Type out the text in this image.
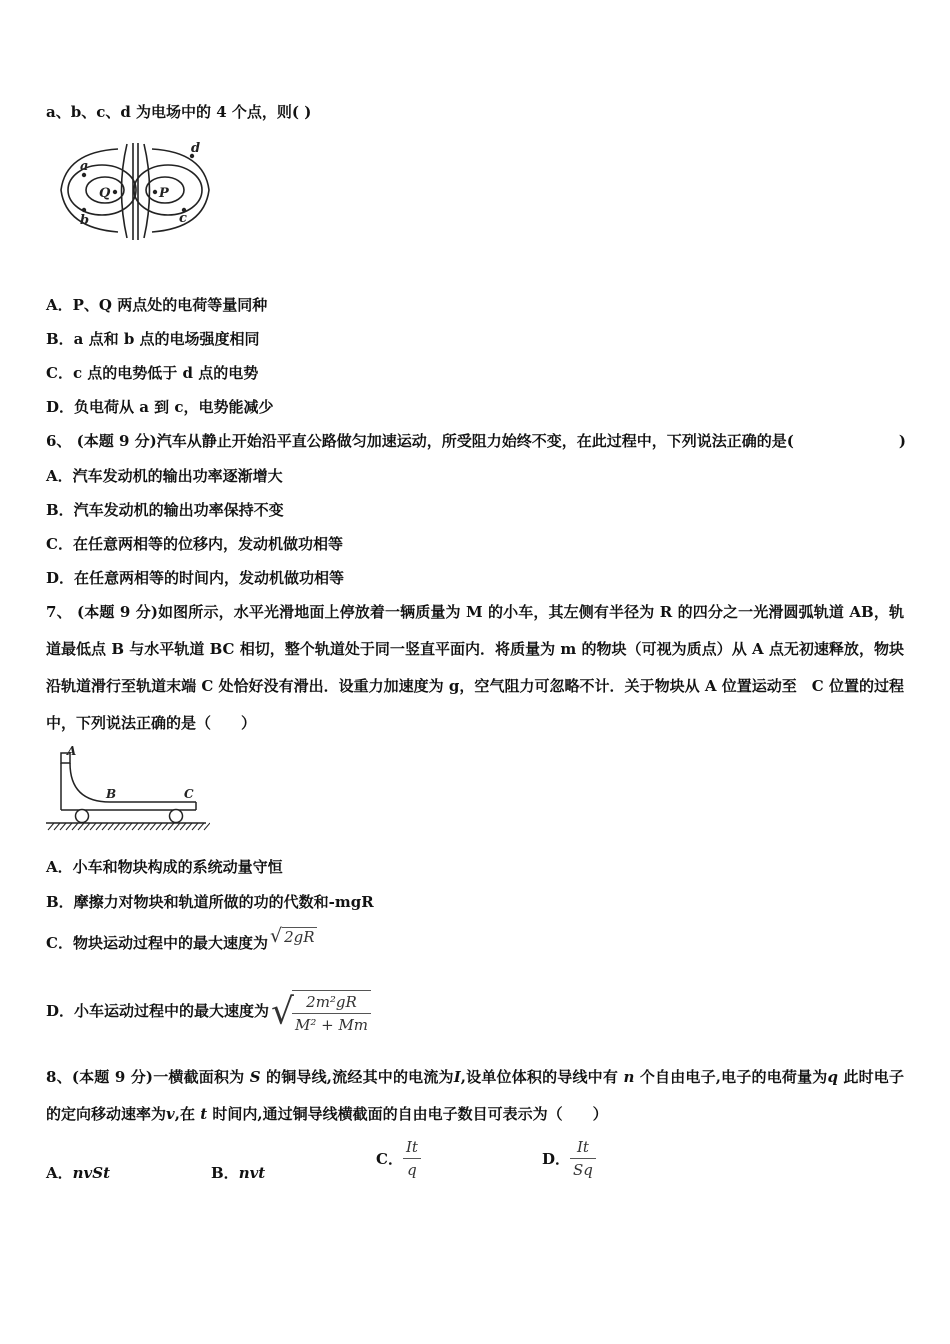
a、b、c、d 为电场中的 4 个点，则( )
a
b	c
d
Q	P
A．P、Q 两点处的电荷等量同种
B．a 点和 b 点的电场强度相同
C．c 点的电势低于 d 点的电势
D．负电荷从 a 到 c，电势能减少
6、 (本题 9 分)汽车从静止开始沿平直公路做匀加速运动，所受阻力始终不变，在此过程中，下列说法正确的是(	)
A．汽车发动机的输出功率逐渐增大
B．汽车发动机的输出功率保持不变
C．在任意两相等的位移内，发动机做功相等
D．在任意两相等的时间内，发动机做功相等
7、 (本题 9 分)如图所示，水平光滑地面上停放着一辆质量为 M 的小车，其左侧有半径为 R 的四分之一光滑圆弧轨道 AB，轨道最低点 B 与水平轨道 BC 相切，整个轨道处于同一竖直平面内．将质量为 m 的物块（可视为质点）从 A 点无初速释放，物块沿轨道滑行至轨道末端 C 处恰好没有滑出．设重力加速度为 g，空气阻力可忽略不计．关于物块从 A 位置运动至　C 位置的过程中，下列说法正确的是（　　）
A
B	C
A．小车和物块构成的系统动量守恒
B．摩擦力对物块和轨道所做的功的代数和-mgR
C．物块运动过程中的最大速度为 √ 2gR
D．小车运动过程中的最大速度为√
$\frac{\text{2m²gR}}{\text{M² + Mm}}$
8、(本题 9 分)一横截面积为 S 的铜导线,流经其中的电流为I,设单位体积的导线中有 n 个自由电子,电子的电荷量为q 此时电子的定向移动速率为v,在 t 时间内,通过铜导线横截面的自由电子数目可表示为（　　）
A．nvSt	B．nvt
C． $\frac{It}{q}$	D． $\frac{It}{Sq}$
